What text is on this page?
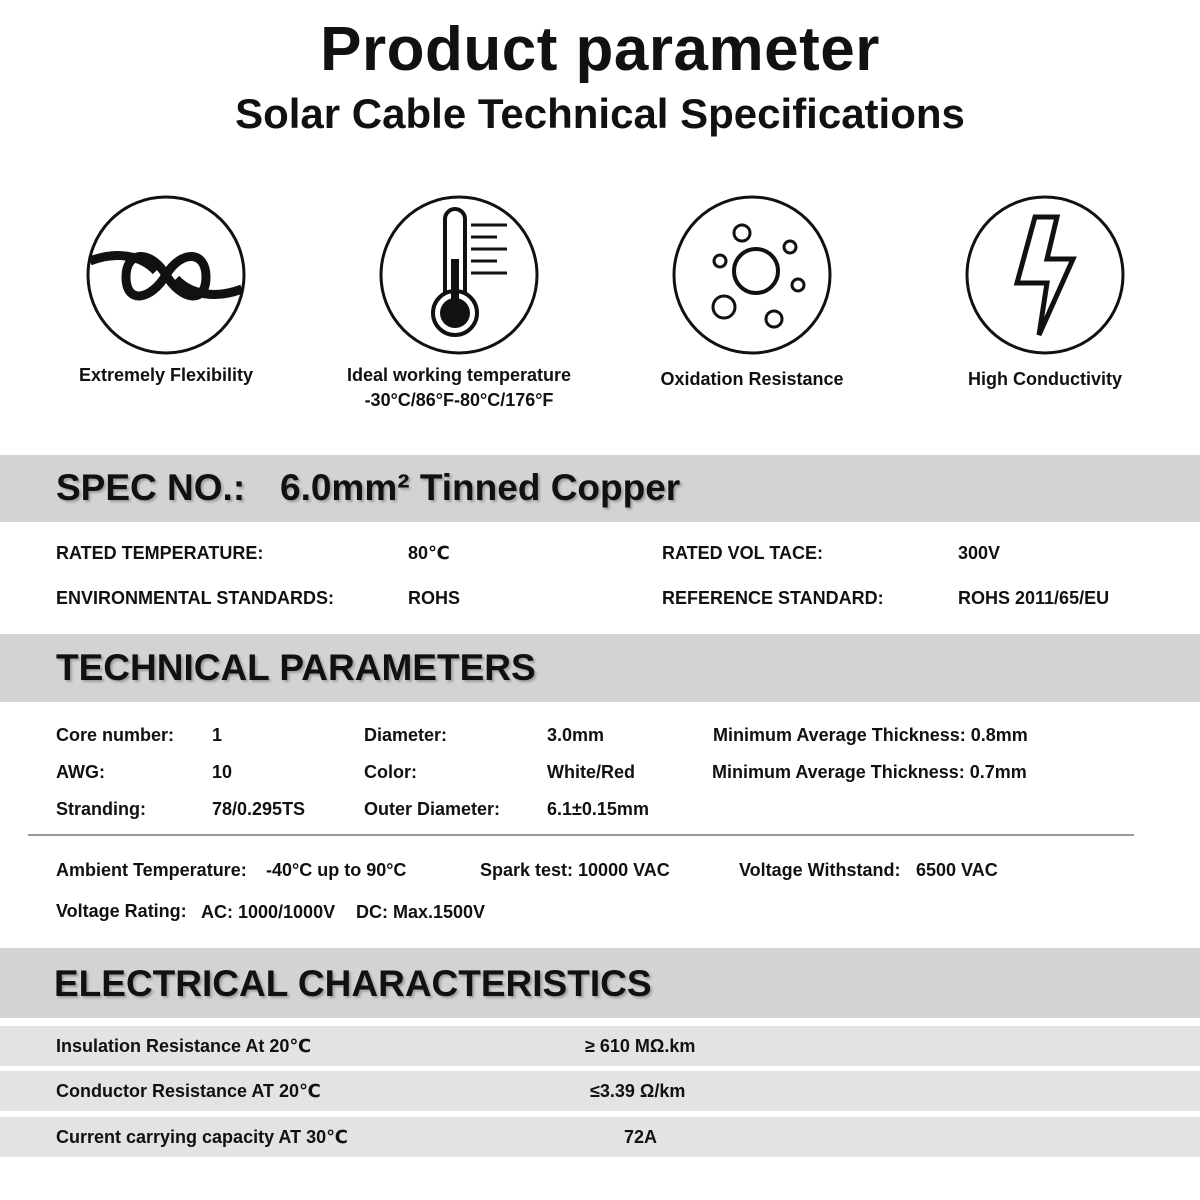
Product parameter
Solar Cable Technical Specifications
Extremely Flexibility	Ideal working temperature
-30°C/86°F-80°C/176°F
Oxidation Resistance	High Conductivity
SPEC NO.: 6.0mm² Tinned Copper
RATED TEMPERATURE:	80℃	RATED VOL TACE:	300V
ENVIRONMENTAL STANDARDS:	ROHS	REFERENCE STANDARD:	ROHS 2011/65/EU
TECHNICAL PARAMETERS
Core number: 1	Diameter:	3.0mm	Minimum Average Thickness: 0.8mm
AWG:	10	Color:	White/Red	Minimum Average Thickness: 0.7mm
Stranding:	78/0.295TS	Outer Diameter:	6.1±0.15mm
Ambient Temperature: -40°C up to 90°C	Spark test: 10000 VAC	Voltage Withstand: 6500 VAC
Voltage Rating: AC: 1000/1000V DC: Max.1500V
ELECTRICAL CHARACTERISTICS
Insulation Resistance At 20℃	≥ 610 MΩ.km
Conductor Resistance AT 20℃	≤3.39 Ω/km
Current carrying capacity AT 30℃	72A
